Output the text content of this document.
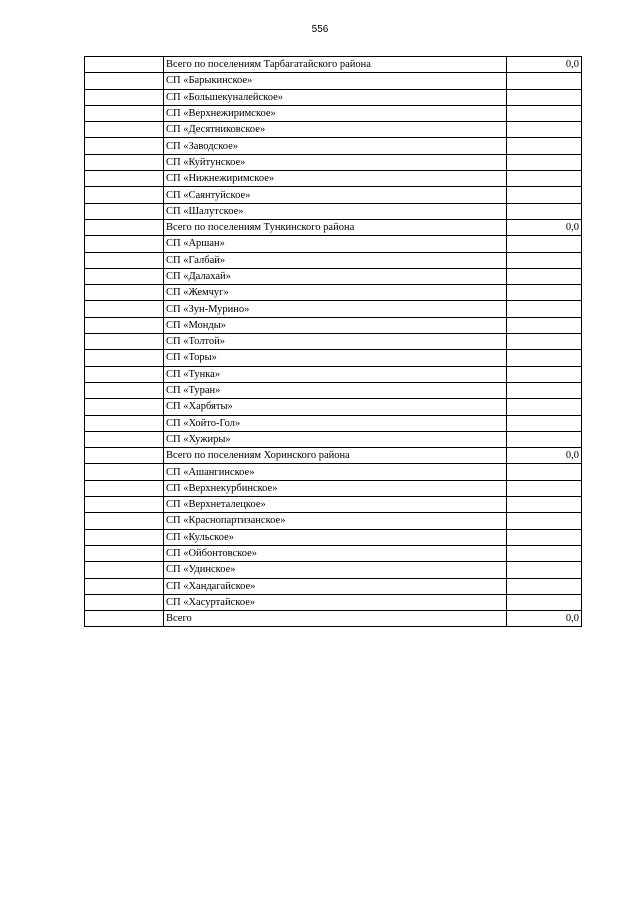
556
	Всего по поселениям Тарбагатайского района	0,0
	СП «Барыкинское»	
	СП «Большекуналейское»	
	СП «Верхнежиримское»	
	СП «Десятниковское»	
	СП «Заводское»	
	СП «Куйтунское»	
	СП «Нижнежиримское»	
	СП «Саянтуйское»	
	СП «Шалутское»	
	Всего по поселениям Тункинского района	0,0
	СП «Аршан»	
	СП «Галбай»	
	СП «Далахай»	
	СП «Жемчуг»	
	СП «Зун-Мурино»	
	СП «Монды»	
	СП «Толтой»	
	СП «Торы»	
	СП «Тунка»	
	СП «Туран»	
	СП «Харбяты»	
	СП «Хойто-Гол»	
	СП «Хужиры»	
	Всего по поселениям Хоринского района	0,0
	СП «Ашангинское»	
	СП «Верхнекурбинское»	
	СП «Верхнеталецкое»	
	СП «Краснопартизанское»	
	СП «Кульское»	
	СП «Ойбонтовское»	
	СП «Удинское»	
	СП «Хандагайское»	
	СП «Хасуртайское»	
	Всего	0,0
